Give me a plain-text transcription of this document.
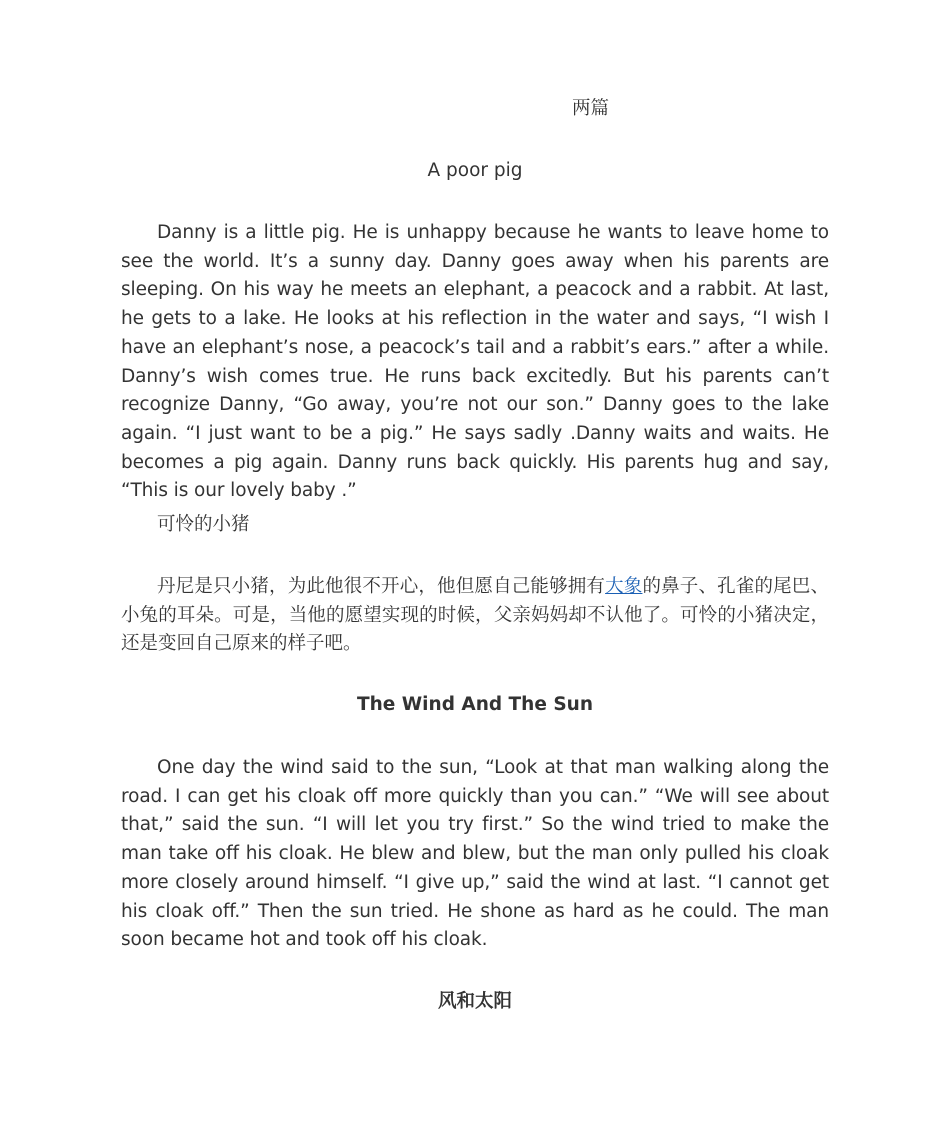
两篇
A poor pig
Danny is a little pig. He is unhappy because he wants to leave home to see the world. It’s a sunny day. Danny goes away when his parents are sleeping. On his way he meets an elephant, a peacock and a rabbit. At last, he gets to a lake. He looks at his reflection in the water and says, “I wish I have an elephant’s nose, a peacock’s tail and a rabbit’s ears.” after a while. Danny’s wish comes true. He runs back excitedly. But his parents can’t recognize Danny, “Go away, you’re not our son.” Danny goes to the lake again. “I just want to be a pig.” He says sadly .Danny waits and waits. He becomes a pig again. Danny runs back quickly. His parents hug and say, “This is our lovely baby .”
可怜的小猪
丹尼是只小猪，为此他很不开心，他但愿自己能够拥有大象的鼻子、孔雀的尾巴、小兔的耳朵。可是，当他的愿望实现的时候，父亲妈妈却不认他了。可怜的小猪决定，还是变回自己原来的样子吧。
The Wind And The Sun
One day the wind said to the sun, “Look at that man walking along the road. I can get his cloak off more quickly than you can.” “We will see about that,” said the sun. “I will let you try first.” So the wind tried to make the man take off his cloak. He blew and blew, but the man only pulled his cloak more closely around himself. “I give up,” said the wind at last. “I cannot get his cloak off.” Then the sun tried. He shone as hard as he could. The man soon became hot and took off his cloak.
风和太阳
